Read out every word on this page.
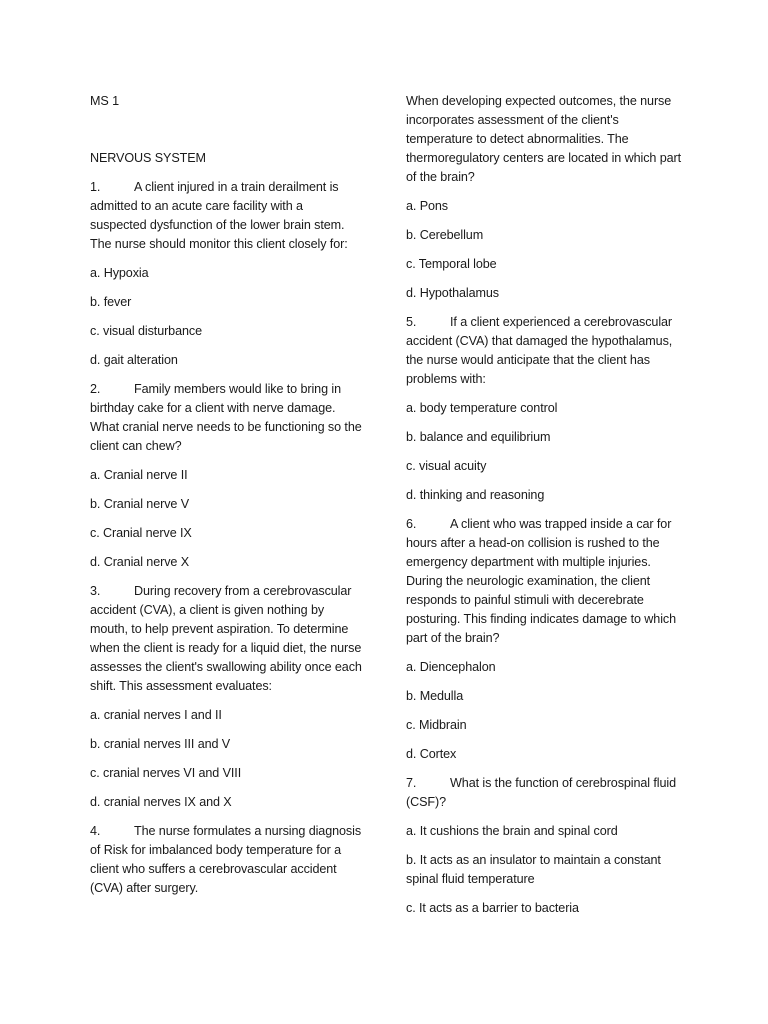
MS 1

NERVOUS SYSTEM

1.	A client injured in a train derailment is admitted to an acute care facility with a suspected dysfunction of the lower brain stem. The nurse should monitor this client closely for:

a. Hypoxia

b. fever

c. visual disturbance

d. gait alteration

2.	Family members would like to bring in birthday cake for a client with nerve damage. What cranial nerve needs to be functioning so the client can chew?

a. Cranial nerve II

b. Cranial nerve V

c. Cranial nerve IX

d. Cranial nerve X

3.	During recovery from a cerebrovascular accident (CVA), a client is given nothing by mouth, to help prevent aspiration. To determine when the client is ready for a liquid diet, the nurse assesses the client's swallowing ability once each shift. This assessment evaluates:

a. cranial nerves I and II

b. cranial nerves III and V

c. cranial nerves VI and VIII

d. cranial nerves IX and X

4.	The nurse formulates a nursing diagnosis of Risk for imbalanced body temperature for a client who suffers a cerebrovascular accident (CVA) after surgery.

When developing expected outcomes, the nurse incorporates assessment of the client's temperature to detect abnormalities. The thermoregulatory centers are located in which part of the brain?

a. Pons

b. Cerebellum

c. Temporal lobe

d. Hypothalamus

5.	If a client experienced a cerebrovascular accident (CVA) that damaged the hypothalamus, the nurse would anticipate that the client has problems with:

a. body temperature control

b. balance and equilibrium

c. visual acuity

d. thinking and reasoning

6.	A client who was trapped inside a car for hours after a head-on collision is rushed to the emergency department with multiple injuries. During the neurologic examination, the client responds to painful stimuli with decerebrate posturing. This finding indicates damage to which part of the brain?

a. Diencephalon

b. Medulla

c. Midbrain

d. Cortex

7.	What is the function of cerebrospinal fluid (CSF)?

a. It cushions the brain and spinal cord

b. It acts as an insulator to maintain a constant spinal fluid temperature

c. It acts as a barrier to bacteria
